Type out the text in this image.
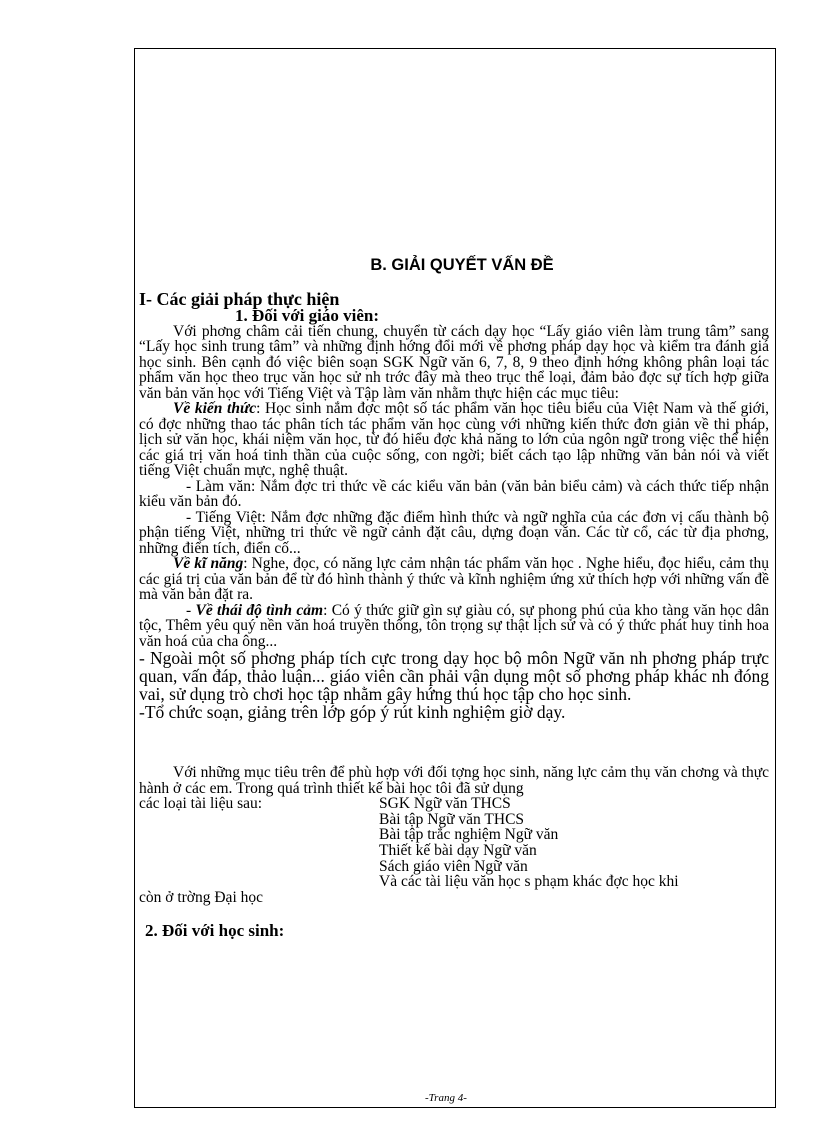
B. GIẢI QUYẾT VẤN ĐỀ
I- Các giải pháp thực hiện
1. Đối với giáo viên:

Với phơng châm cải tiến chung, chuyển từ cách dạy học “Lấy giáo viên làm trung tâm” sang “Lấy học sinh trung tâm” và những định hớng đổi mới về phơng pháp dạy học và kiểm tra đánh giá học sinh. Bên cạnh đó việc biên soạn SGK Ngữ văn 6, 7, 8, 9 theo định hớng không phân loại tác phẩm văn học theo trục văn học sử nh trớc đây mà theo trục thể loại, đảm bảo đợc sự tích hợp giữa văn bản văn học với Tiếng Việt và Tập làm văn nhằm thực hiện các mục tiêu:

Về kiến thức: Học sinh nắm đợc một số tác phẩm văn học tiêu biểu của Việt Nam và thế giới, có đợc những thao tác phân tích tác phẩm văn học cùng với những kiến thức đơn giản về thi pháp, lịch sử văn học, khái niệm văn học, từ đó hiểu đợc khả năng to lớn của ngôn ngữ trong việc thể hiện các giá trị văn hoá tinh thần của cuộc sống, con ngời; biết cách tạo lập những văn bản nói và viết tiếng Việt chuẩn mực, nghệ thuật.

- Làm văn: Nắm đợc tri thức về các kiểu văn bản (văn bản biểu cảm) và cách thức tiếp nhận kiểu văn bản đó.

- Tiếng Việt: Nắm đợc những đặc điểm hình thức và ngữ nghĩa của các đơn vị cấu thành bộ phận tiếng Việt, những tri thức về ngữ cảnh đặt câu, dựng đoạn văn. Các từ cổ, các từ địa phơng, những điển tích, điển cố...

Về kĩ năng: Nghe, đọc, có năng lực cảm nhận tác phẩm văn học . Nghe hiểu, đọc hiểu, cảm thụ các giá trị của văn bản để từ đó hình thành ý thức và kĩnh nghiệm ứng xử thích hợp với những vấn đề mà văn bản đặt ra.

- Về thái độ tình cảm: Có ý thức giữ gìn sự giàu có, sự phong phú của kho tàng văn học dân tộc, Thêm yêu quý nền văn hoá truyền thống, tôn trọng sự thật lịch sử và có ý thức phát huy tinh hoa văn hoá của cha ông...

- Ngoài một số phơng pháp tích cực trong dạy học bộ môn Ngữ văn nh phơng pháp trực quan, vấn đáp, thảo luận... giáo viên cần phải vận dụng một số phơng pháp khác nh đóng vai, sử dụng trò chơi học tập nhằm gây hứng thú học tập cho học sinh.

-Tổ chức soạn, giảng trên lớp góp ý rút kinh nghiệm giờ dạy.

Với những mục tiêu trên để phù hợp với đối tợng học sinh, năng lực cảm thụ văn chơng và thực hành ở các em. Trong quá trình thiết kế bài học tôi đã sử dụng

các loại tài liệu sau:	SGK Ngữ văn THCS
Bài tập Ngữ văn THCS
Bài tập trắc nghiệm Ngữ văn
Thiết kế bài dạy Ngữ văn
Sách giáo viên Ngữ văn

Và các tài liệu văn học s phạm khác đợc học khi

còn ở trờng Đại học

2. Đối với học sinh:
-Trang 4-
